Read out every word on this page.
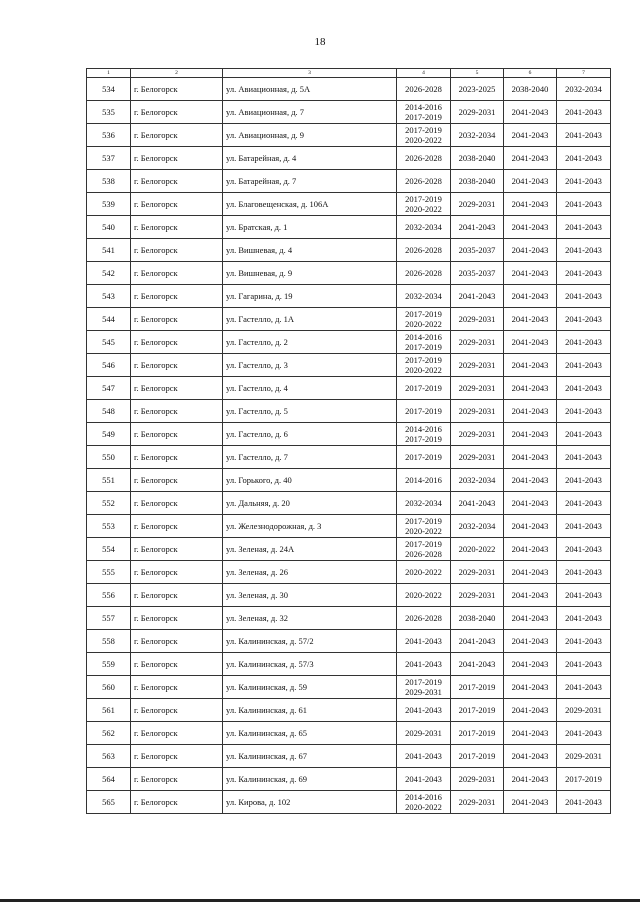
18
1	2	3	4	5	6	7
534	г. Белогорск	ул. Авиационная, д. 5А	2026-2028	2023-2025	2038-2040	2032-2034
535	г. Белогорск	ул. Авиационная, д. 7	2014-2016
2017-2019	2029-2031	2041-2043	2041-2043
536	г. Белогорск	ул. Авиационная, д. 9	2017-2019
2020-2022	2032-2034	2041-2043	2041-2043
537	г. Белогорск	ул. Батарейная, д. 4	2026-2028	2038-2040	2041-2043	2041-2043
538	г. Белогорск	ул. Батарейная, д. 7	2026-2028	2038-2040	2041-2043	2041-2043
539	г. Белогорск	ул. Благовещенская, д. 106А	2017-2019
2020-2022	2029-2031	2041-2043	2041-2043
540	г. Белогорск	ул. Братская, д. 1	2032-2034	2041-2043	2041-2043	2041-2043
541	г. Белогорск	ул. Вишневая, д. 4	2026-2028	2035-2037	2041-2043	2041-2043
542	г. Белогорск	ул. Вишневая, д. 9	2026-2028	2035-2037	2041-2043	2041-2043
543	г. Белогорск	ул. Гагарина, д. 19	2032-2034	2041-2043	2041-2043	2041-2043
544	г. Белогорск	ул. Гастелло, д. 1А	2017-2019
2020-2022	2029-2031	2041-2043	2041-2043
545	г. Белогорск	ул. Гастелло, д. 2	2014-2016
2017-2019	2029-2031	2041-2043	2041-2043
546	г. Белогорск	ул. Гастелло, д. 3	2017-2019
2020-2022	2029-2031	2041-2043	2041-2043
547	г. Белогорск	ул. Гастелло, д. 4	2017-2019	2029-2031	2041-2043	2041-2043
548	г. Белогорск	ул. Гастелло, д. 5	2017-2019	2029-2031	2041-2043	2041-2043
549	г. Белогорск	ул. Гастелло, д. 6	2014-2016
2017-2019	2029-2031	2041-2043	2041-2043
550	г. Белогорск	ул. Гастелло, д. 7	2017-2019	2029-2031	2041-2043	2041-2043
551	г. Белогорск	ул. Горького, д. 40	2014-2016	2032-2034	2041-2043	2041-2043
552	г. Белогорск	ул. Дальняя, д. 20	2032-2034	2041-2043	2041-2043	2041-2043
553	г. Белогорск	ул. Железнодорожная, д. 3	2017-2019
2020-2022	2032-2034	2041-2043	2041-2043
554	г. Белогорск	ул. Зеленая, д. 24А	2017-2019
2026-2028	2020-2022	2041-2043	2041-2043
555	г. Белогорск	ул. Зеленая, д. 26	2020-2022	2029-2031	2041-2043	2041-2043
556	г. Белогорск	ул. Зеленая, д. 30	2020-2022	2029-2031	2041-2043	2041-2043
557	г. Белогорск	ул. Зеленая, д. 32	2026-2028	2038-2040	2041-2043	2041-2043
558	г. Белогорск	ул. Калининская, д. 57/2	2041-2043	2041-2043	2041-2043	2041-2043
559	г. Белогорск	ул. Калининская, д. 57/3	2041-2043	2041-2043	2041-2043	2041-2043
560	г. Белогорск	ул. Калининская, д. 59	2017-2019
2029-2031	2017-2019	2041-2043	2041-2043
561	г. Белогорск	ул. Калининская, д. 61	2041-2043	2017-2019	2041-2043	2029-2031
562	г. Белогорск	ул. Калининская, д. 65	2029-2031	2017-2019	2041-2043	2041-2043
563	г. Белогорск	ул. Калининская, д. 67	2041-2043	2017-2019	2041-2043	2029-2031
564	г. Белогорск	ул. Калининская, д. 69	2041-2043	2029-2031	2041-2043	2017-2019
565	г. Белогорск	ул. Кирова, д. 102	2014-2016
2020-2022	2029-2031	2041-2043	2041-2043
